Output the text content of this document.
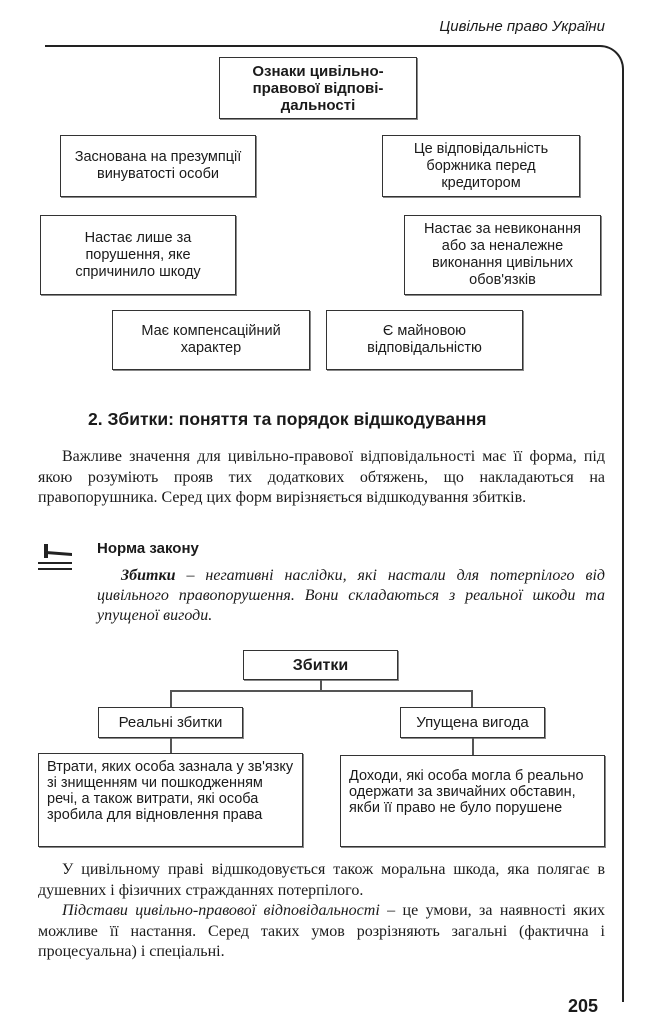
Цивільне право України
Ознаки цивільно-правової відпові-дальності
Заснована на презумпції винуватості особи
Це відповідальність боржника перед кредитором
Настає лише за порушення, яке спричинило шкоду
Настає за невиконання або за неналежне виконання цивільних обов'язків
Має компенсаційний характер
Є майновою відповідальністю
2. Збитки: поняття та порядок відшкодування

Важливе значення для цивільно-правової відповідальності має її форма, під якою розуміють прояв тих додаткових обтяжень, що накладаються на правопорушника. Серед цих форм вирізняється відшкодування збитків.

Норма закону
Збитки – негативні наслідки, які настали для потерпілого від цивільного правопорушення. Вони складаються з реальної шкоди та упущеної вигоди.
Збитки
Реальні збитки	Упущена вигода
Втрати, яких особа зазнала у зв'язку зі знищенням чи пошкодженням речі, а також витрати, які особа зробила для відновлення права
Доходи, які особа могла б реально одержати за звичайних обставин, якби її право не було порушене

У цивільному праві відшкодовується також моральна шкода, яка полягає в душевних і фізичних стражданнях потерпілого.

Підстави цивільно-правової відповідальності – це умови, за наявності яких можливе її настання. Серед таких умов розрізняють загальні (фактична і процесуальна) і спеціальні.

205
